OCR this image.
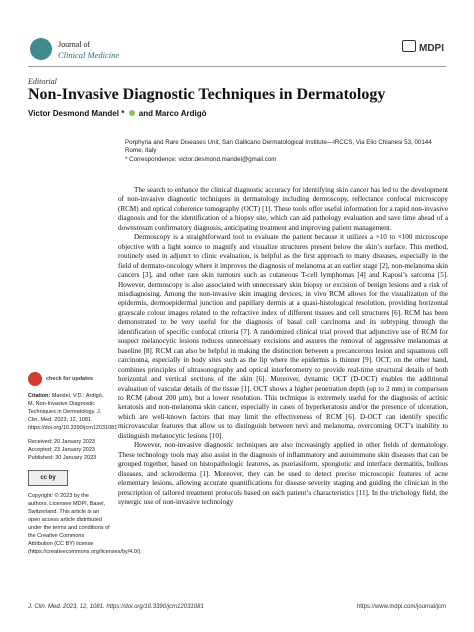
Journal of
Clinical Medicine
MDPI
Editorial
Non-Invasive Diagnostic Techniques in Dermatology
Victor Desmond Mandel * and Marco Ardigò

Porphyria and Rare Diseases Unit, San Gallicano Dermatological Institute—IRCCS, Via Elio Chianesi 53, 00144 Rome, Italy

* Correspondence: victor.desmond.mandel@gmail.com

The search to enhance the clinical diagnostic accuracy for identifying skin cancer has led to the development of non-invasive diagnostic techniques in dermatology including dermoscopy, reflectance confocal microscopy (RCM) and optical coherence tomography (OCT) [1]. These tools offer useful information for a rapid non-invasive diagnosis and for the identification of a biopsy site, which can aid pathology evaluation and save time ahead of a downstream confirmatory diagnosis, anticipating treatment and improving patient management.

Dermoscopy is a straightforward tool to evaluate the patient because it utilizes a ×10 to ×100 microscope objective with a light source to magnify and visualize structures present below the skin’s surface. This method, routinely used in adjunct to clinic evaluation, is helpful as the first approach to many diseases, especially in the field of dermato-oncology where it improves the diagnosis of melanoma at an earlier stage [2], non-melanoma skin cancers [3], and other rare skin tumours such as cutaneous T-cell lymphomas [4] and Kaposi’s sarcoma [5]. However, dermoscopy is also associated with unnecessary skin biopsy or excision of benign lesions and a risk of misdiagnosing. Among the non-invasive skin imaging devices, in vivo RCM allows for the visualization of the epidermis, dermoepidermal junction and papillary dermis at a quasi-histological resolution, providing horizontal grayscale colour images related to the refractive index of different tissues and cell structures [6]. RCM has been demonstrated to be very useful for the diagnosis of basal cell carcinoma and its subtyping through the identification of specific confocal criteria [7]. A randomized clinical trial proved that adjunctive use of RCM for suspect melanocytic lesions reduces unnecessary excisions and assures the removal of aggressive melanomas at baseline [8]. RCM can also be helpful in making the distinction between a precancerous lesion and squamous cell carcinoma, especially in body sites such as the lip where the epidermis is thinner [9]. OCT, on the other hand, combines principles of ultrasonography and optical interferometry to provide real-time structural details of both horizontal and vertical sections of the skin [6]. Moreover, dynamic OCT (D-OCT) enables the additional evaluation of vascular details of the tissue [1]. OCT shows a higher penetration depth (up to 2 mm) in comparison to RCM (about 200 µm), but a lower resolution. This technique is extremely useful for the diagnosis of actinic keratosis and non-melanoma skin cancer, especially in cases of hyperkeratosis and/or the presence of ulceration, which are well-known factors that may limit the effectiveness of RCM [6]. D-OCT can identify specific microvascular features that allow us to distinguish between nevi and melanoma, overcoming OCT’s inability to distinguish melanocytic lesions [10].

However, non-invasive diagnostic techniques are also increasingly applied in other fields of dermatology. These technology tools may also assist in the diagnosis of inflammatory and autoimmune skin diseases that can be grouped together, based on histopathologic features, as psoriasiform, spongiotic and interface dermatitis, bullous diseases, and scleroderma [1]. Moreover, they can be used to detect precise microscopic features of acne elementary lesions, allowing accurate quantifications for disease severity staging and guiding the clinician in the prescription of tailored treatment protocols based on each patient’s characteristics [11]. In the trichology field, the synergic use of non-invasive technology

check for updates
Citation: Mandel, V.D.; Ardigò, M. Non-Invasive Diagnostic Techniques in Dermatology. J. Clin. Med. 2023, 12, 1081. https://doi.org/10.3390/jcm12031081
Received: 20 January 2023
Accepted: 23 January 2023
Published: 30 January 2023
cc by
Copyright: © 2023 by the authors. Licensee MDPI, Basel, Switzerland. This article is an open access article distributed under the terms and conditions of the Creative Commons Attribution (CC BY) license (https://creativecommons.org/licenses/by/4.0/).
J. Clin. Med. 2023, 12, 1081. https://doi.org/10.3390/jcm12031081	https://www.mdpi.com/journal/jcm
